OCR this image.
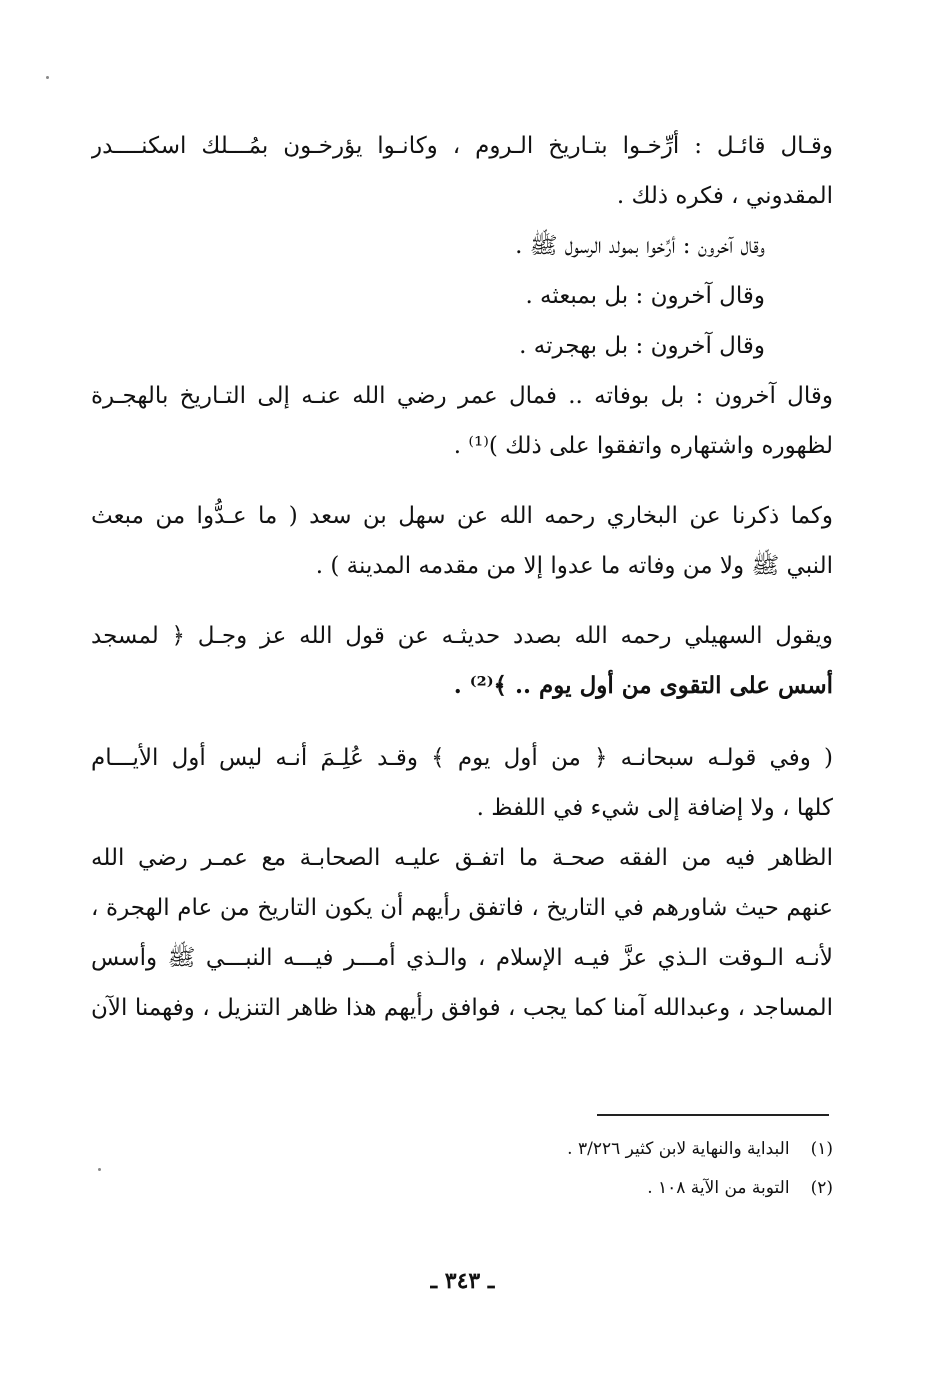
وقـال قائـل : أرِّخـوا بتـاريخ الـروم ، وكانـوا يؤرخـون بمُـــلك اسكنــــدر
المقدوني ، فكره ذلك .
وقال آخرون : أرِّخوا بمولد الرسول ﷺ .
وقال آخرون : بل بمبعثه .
وقال آخرون : بل بهجرته .
وقال آخرون : بل بوفاته .. فمال عمر رضي الله عنـه إلى التـاريخ بالهجـرة
لظهوره واشتهاره واتفقوا على ذلك )⁽¹⁾ .
وكما ذكرنا عن البخاري رحمه الله عن سهل بن سعد ( ما عـدُّوا من مبعث
النبي ﷺ ولا من وفاته ما عدوا إلا من مقدمه المدينة ) .
ويقول السهيلي رحمه الله بصدد حديثـه عن قول الله عز وجـل ﴿ لمسجد
أسس على التقوى من أول يوم .. ﴾⁽²⁾ .
( وفي قولـه سبحانـه ﴿ من أول يوم ﴾ وقـد عُلِـمَ أنـه ليس أول الأيـــام
كلها ، ولا إضافة إلى شيء في اللفظ .
الظاهر فيه من الفقه صحـة ما اتفـق عليـه الصحابـة مع عمـر رضي الله
عنهم حيث شاورهم في التاريخ ، فاتفق رأيهم أن يكون التاريخ من عام الهجرة ،
لأنـه الـوقت الـذي عزَّ فيـه الإسلام ، والـذي أمـــر فيـــه النبـــي ﷺ وأسس
المساجد ، وعبدالله آمنا كما يجب ، فوافق رأيهم هذا ظاهر التنزيل ، وفهمنا الآن
(١) البداية والنهاية لابن كثير ٣/٢٢٦ .
(٢) التوبة من الآية ١٠٨ .
ـ ٣٤٣ ـ
